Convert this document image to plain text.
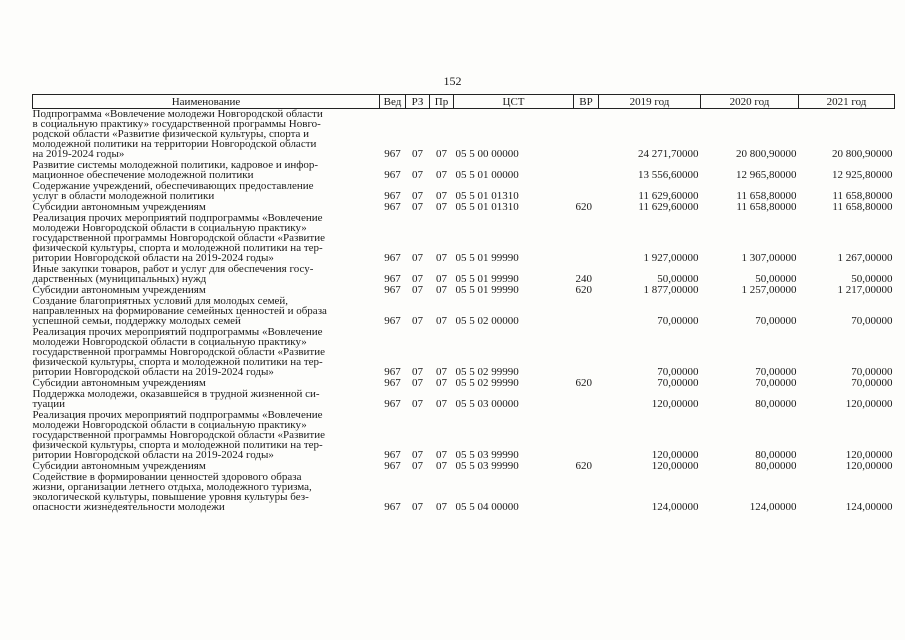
152
Наименование	Вед	РЗ	Пр	ЦСТ	ВР	2019 год	2020 год	2021 год

Подпрограмма «Вовлечение молодежи Новгородской области
в социальную практику» государственной программы Новго-
родской области «Развитие физической культуры, спорта и
молодежной политики на территории Новгородской области
на 2019-2024 годы»	967	07	07	05 5 00 00000		24 271,70000	20 800,90000	20 800,90000

Развитие системы молодежной политики, кадровое и инфор-
мационное обеспечение молодежной политики	967	07	07	05 5 01 00000		13 556,60000	12 965,80000	12 925,80000

Содержание учреждений, обеспечивающих предоставление
услуг в области молодежной политики	967	07	07	05 5 01 01310		11 629,60000	11 658,80000	11 658,80000

Субсидии автономным учреждениям	967	07	07	05 5 01 01310	620	11 629,60000	11 658,80000	11 658,80000

Реализация прочих мероприятий подпрограммы «Вовлечение
молодежи Новгородской области в социальную практику»
государственной программы Новгородской области «Развитие
физической культуры, спорта и молодежной политики на тер-
ритории Новгородской области на 2019-2024 годы»	967	07	07	05 5 01 99990		1 927,00000	1 307,00000	1 267,00000

Иные закупки товаров, работ и услуг для обеспечения госу-
дарственных (муниципальных) нужд	967	07	07	05 5 01 99990	240	50,00000	50,00000	50,00000

Субсидии автономным учреждениям	967	07	07	05 5 01 99990	620	1 877,00000	1 257,00000	1 217,00000

Создание благоприятных условий для молодых семей,
направленных на формирование семейных ценностей и образа
успешной семьи, поддержку молодых семей	967	07	07	05 5 02 00000		70,00000	70,00000	70,00000

Реализация прочих мероприятий подпрограммы «Вовлечение
молодежи Новгородской области в социальную практику»
государственной программы Новгородской области «Развитие
физической культуры, спорта и молодежной политики на тер-
ритории Новгородской области на 2019-2024 годы»	967	07	07	05 5 02 99990		70,00000	70,00000	70,00000

Субсидии автономным учреждениям	967	07	07	05 5 02 99990	620	70,00000	70,00000	70,00000

Поддержка молодежи, оказавшейся в трудной жизненной си-
туации	967	07	07	05 5 03 00000		120,00000	80,00000	120,00000

Реализация прочих мероприятий подпрограммы «Вовлечение
молодежи Новгородской области в социальную практику»
государственной программы Новгородской области «Развитие
физической культуры, спорта и молодежной политики на тер-
ритории Новгородской области на 2019-2024 годы»	967	07	07	05 5 03 99990		120,00000	80,00000	120,00000

Субсидии автономным учреждениям	967	07	07	05 5 03 99990	620	120,00000	80,00000	120,00000

Содействие в формировании ценностей здорового образа
жизни, организации летнего отдыха, молодежного туризма,
экологической культуры, повышение уровня культуры без-
опасности жизнедеятельности молодежи	967	07	07	05 5 04 00000		124,00000	124,00000	124,00000
